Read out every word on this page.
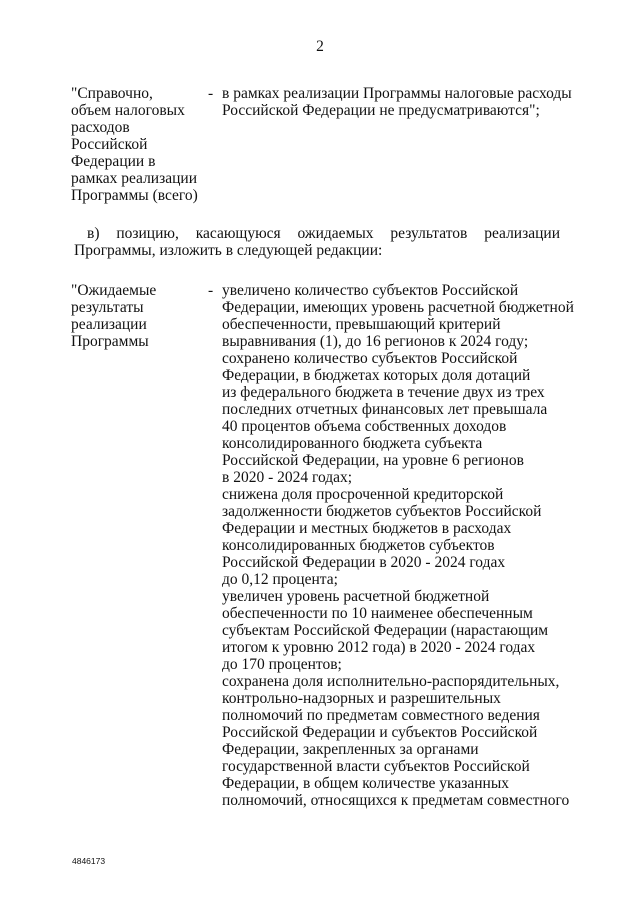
2
"Справочно,
объем налоговых
расходов
Российской
Федерации в
рамках реализации
Программы (всего)
- в рамках реализации Программы налоговые расходы
Российской Федерации не предусматриваются";
в) позицию, касающуюся ожидаемых результатов реализации
Программы, изложить в следующей редакции:
"Ожидаемые
результаты
реализации
Программы
- увеличено количество субъектов Российской
Федерации, имеющих уровень расчетной бюджетной
обеспеченности, превышающий критерий
выравнивания (1), до 16 регионов к 2024 году;
сохранено количество субъектов Российской
Федерации, в бюджетах которых доля дотаций
из федерального бюджета в течение двух из трех
последних отчетных финансовых лет превышала
40 процентов объема собственных доходов
консолидированного бюджета субъекта
Российской Федерации, на уровне 6 регионов
в 2020 - 2024 годах;
снижена доля просроченной кредиторской
задолженности бюджетов субъектов Российской
Федерации и местных бюджетов в расходах
консолидированных бюджетов субъектов
Российской Федерации в 2020 - 2024 годах
до 0,12 процента;
увеличен уровень расчетной бюджетной
обеспеченности по 10 наименее обеспеченным
субъектам Российской Федерации (нарастающим
итогом к уровню 2012 года) в 2020 - 2024 годах
до 170 процентов;
сохранена доля исполнительно-распорядительных,
контрольно-надзорных и разрешительных
полномочий по предметам совместного ведения
Российской Федерации и субъектов Российской
Федерации, закрепленных за органами
государственной власти субъектов Российской
Федерации, в общем количестве указанных
полномочий, относящихся к предметам совместного
4846173
